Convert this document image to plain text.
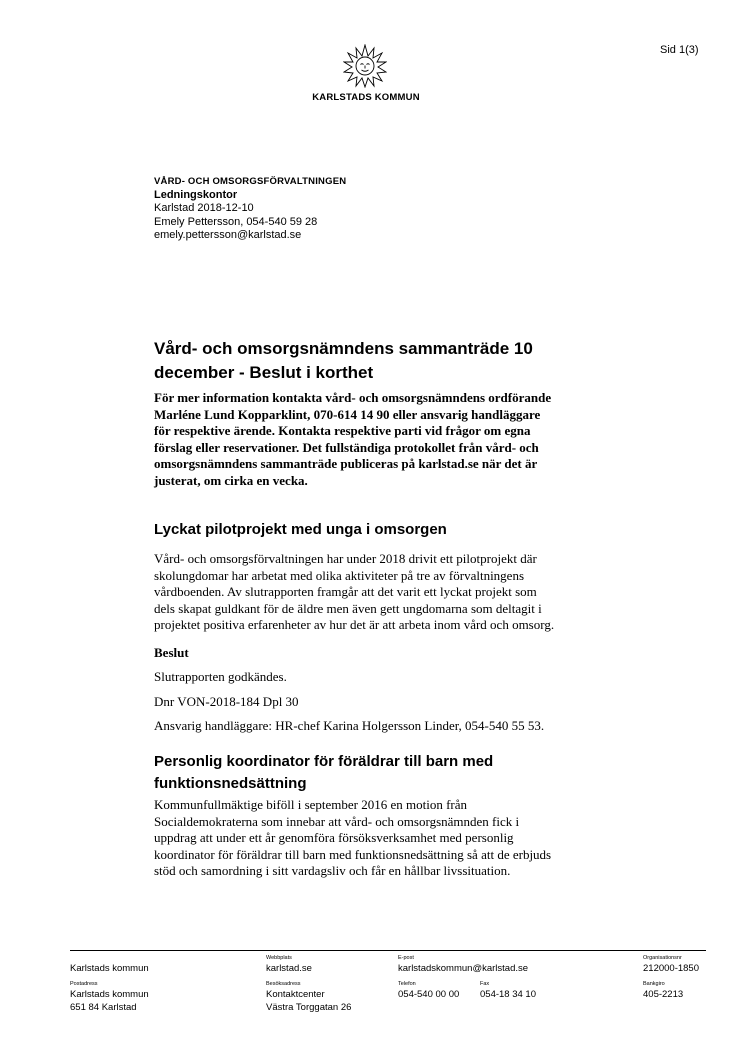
Sid 1(3)
KARLSTADS KOMMUN
VÅRD- OCH OMSORGSFÖRVALTNINGEN
Ledningskontor
Karlstad 2018-12-10
Emely Pettersson, 054-540 59 28
emely.pettersson@karlstad.se
Vård- och omsorgsnämndens sammanträde 10
december - Beslut i korthet
För mer information kontakta vård- och omsorgsnämndens ordförande
Marléne Lund Kopparklint, 070-614 14 90 eller ansvarig handläggare
för respektive ärende. Kontakta respektive parti vid frågor om egna
förslag eller reservationer. Det fullständiga protokollet från vård- och
omsorgsnämndens sammanträde publiceras på karlstad.se när det är
justerat, om cirka en vecka.
Lyckat pilotprojekt med unga i omsorgen
Vård- och omsorgsförvaltningen har under 2018 drivit ett pilotprojekt där
skolungdomar har arbetat med olika aktiviteter på tre av förvaltningens
vårdboenden. Av slutrapporten framgår att det varit ett lyckat projekt som
dels skapat guldkant för de äldre men även gett ungdomarna som deltagit i
projektet positiva erfarenheter av hur det är att arbeta inom vård och omsorg.
Beslut
Slutrapporten godkändes.
Dnr VON-2018-184 Dpl 30
Ansvarig handläggare: HR-chef Karina Holgersson Linder, 054-540 55 53.
Personlig koordinator för föräldrar till barn med
funktionsnedsättning
Kommunfullmäktige biföll i september 2016 en motion från
Socialdemokraterna som innebar att vård- och omsorgsnämnden fick i
uppdrag att under ett år genomföra försöksverksamhet med personlig
koordinator för föräldrar till barn med funktionsnedsättning så att de erbjuds
stöd och samordning i sitt vardagsliv och får en hållbar livssituation.
Karlstads kommun
Webbplats
karlstad.se
E-post
karlstadskommun@karlstad.se
Organisationsnr
212000-1850
Postadress
Karlstads kommun
651 84 Karlstad
Besöksadress
Kontaktcenter
Västra Torggatan 26
Telefon
054-540 00 00
Fax
054-18 34 10
Bankgiro
405-2213
